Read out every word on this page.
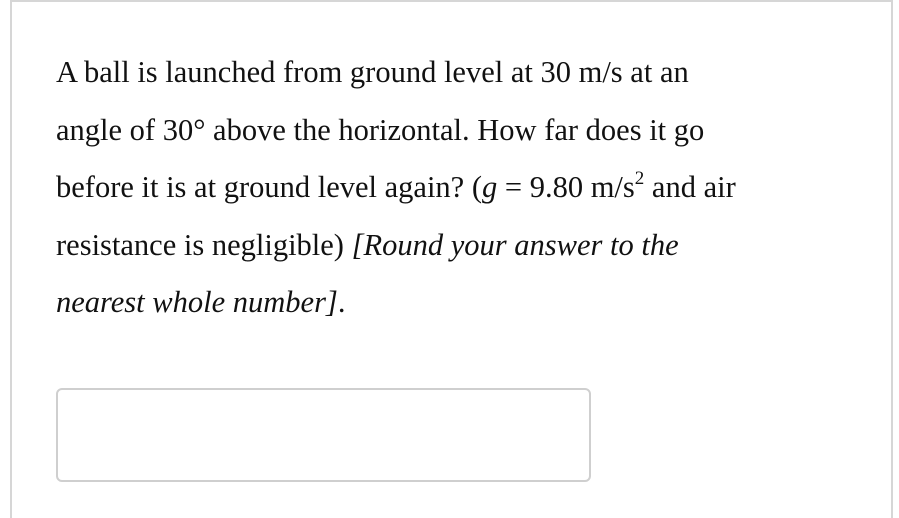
A ball is launched from ground level at 30 m/s at an
angle of 30° above the horizontal. How far does it go
before it is at ground level again? (g = 9.80 $m/s^2$ and air
resistance is negligible) [Round your answer to the
nearest whole number].
